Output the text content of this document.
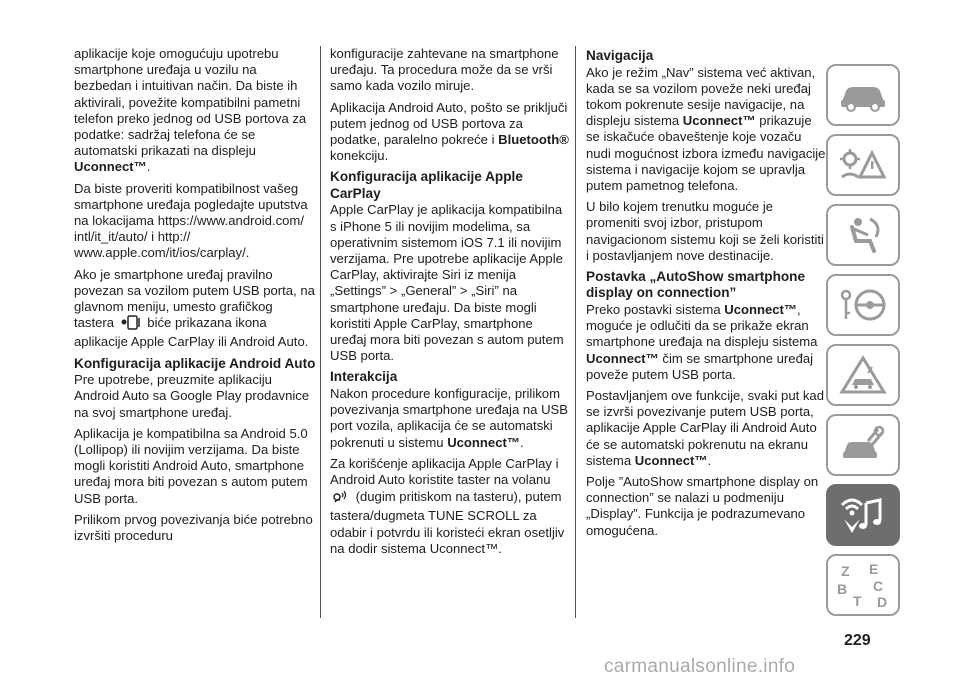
aplikacije koje omogućuju upotrebu smartphone uređaja u vozilu na bezbedan i intuitivan način. Da biste ih aktivirali, povežite kompatibilni pametni telefon preko jednog od USB portova za podatke: sadržaj telefona će se automatski prikazati na displeju Uconnect™.

Da biste proveriti kompatibilnost vašeg smartphone uređaja pogledajte uputstva na lokacijama https://www.android.com/ intl/it_it/auto/ i http:// www.apple.com/it/ios/carplay/.

Ako je smartphone uređaj pravilno povezan sa vozilom putem USB porta, na glavnom meniju, umesto grafičkog tastera  biće prikazana ikona aplikacije Apple CarPlay ili Android Auto.

Konfiguracija aplikacije Android Auto

Pre upotrebe, preuzmite aplikaciju Android Auto sa Google Play prodavnice na svoj smartphone uređaj.

Aplikacija je kompatibilna sa Android 5.0 (Lollipop) ili novijim verzijama. Da biste mogli koristiti Android Auto, smartphone uređaj mora biti povezan s autom putem USB porta.

Prilikom prvog povezivanja biće potrebno izvršiti proceduru

konfiguracije zahtevane na smartphone uređaju. Ta procedura može da se vrši samo kada vozilo miruje.

Aplikacija Android Auto, pošto se priključi putem jednog od USB portova za podatke, paralelno pokreće i Bluetooth® konekciju.

Konfiguracija aplikacije Apple CarPlay

Apple CarPlay je aplikacija kompatibilna s iPhone 5 ili novijim modelima, sa operativnim sistemom iOS 7.1 ili novijim verzijama. Pre upotrebe aplikacije Apple CarPlay, aktivirajte Siri iz menija „Settings” > „General” > „Siri” na smartphone uređaju. Da biste mogli koristiti Apple CarPlay, smartphone uređaj mora biti povezan s autom putem USB porta.

Interakcija

Nakon procedure konfiguracije, prilikom povezivanja smartphone uređaja na USB port vozila, aplikacija će se automatski pokrenuti u sistemu Uconnect™.

Za korišćenje aplikacija Apple CarPlay i Android Auto koristite taster na volanu  (dugim pritiskom na tasteru), putem tastera/dugmeta TUNE SCROLL za odabir i potvrdu ili koristeći ekran osetljiv na dodir sistema Uconnect™.

Navigacija

Ako je režim „Nav” sistema već aktivan, kada se sa vozilom poveže neki uređaj tokom pokrenute sesije navigacije, na displeju sistema Uconnect™ prikazuje se iskačuće obaveštenje koje vozaču nudi mogućnost izbora između navigacije sistema i navigacije kojom se upravlja putem pametnog telefona.

U bilo kojem trenutku moguće je promeniti svoj izbor, pristupom navigacionom sistemu koji se želi koristiti i postavljanjem nove destinacije.

Postavka „AutoShow smartphone display on connection”

Preko postavki sistema Uconnect™, moguće je odlučiti da se prikaže ekran smartphone uređaja na displeju sistema Uconnect™ čim se smartphone uređaj poveže putem USB porta.

Postavljanjem ove funkcije, svaki put kad se izvrši povezivanje putem USB porta, aplikacije Apple CarPlay ili Android Auto će se automatski pokrenutu na ekranu sistema Uconnect™.

Polje ”AutoShow smartphone display on connection” se nalazi u podmeniju „Display”. Funkcija je podrazumevano omogućena.

Z E
B C
T D
229
carmanualsonline.info
